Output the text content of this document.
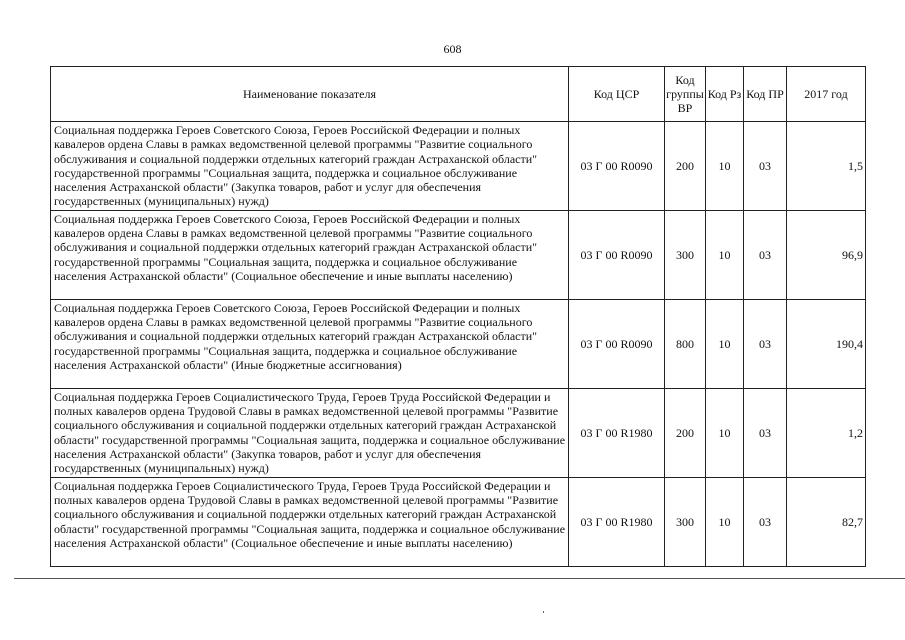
608
Наименование показателя	Код ЦСР	Код группы ВР	Код Рз	Код ПР	2017 год
Социальная поддержка Героев Советского Союза, Героев Российской Федерации и полных кавалеров ордена Славы в рамках ведомственной целевой программы "Развитие социального обслуживания и социальной поддержки отдельных категорий граждан Астраханской области" государственной программы "Социальная защита, поддержка и социальное обслуживание населения Астраханской области" (Закупка товаров, работ и услуг для обеспечения государственных (муниципальных) нужд)	03 Г 00 R0090	200	10	03	1,5
Социальная поддержка Героев Советского Союза, Героев Российской Федерации и полных кавалеров ордена Славы в рамках ведомственной целевой программы "Развитие социального обслуживания и социальной поддержки отдельных категорий граждан Астраханской области" государственной программы "Социальная защита, поддержка и социальное обслуживание населения Астраханской области" (Социальное обеспечение и иные выплаты населению)	03 Г 00 R0090	300	10	03	96,9
Социальная поддержка Героев Советского Союза, Героев Российской Федерации и полных кавалеров ордена Славы в рамках ведомственной целевой программы "Развитие социального обслуживания и социальной поддержки отдельных категорий граждан Астраханской области" государственной программы "Социальная защита, поддержка и социальное обслуживание населения Астраханской области" (Иные бюджетные ассигнования)	03 Г 00 R0090	800	10	03	190,4
Социальная поддержка Героев Социалистического Труда, Героев Труда Российской Федерации и полных кавалеров ордена Трудовой Славы в рамках ведомственной целевой программы "Развитие социального обслуживания и социальной поддержки отдельных категорий граждан Астраханской области" государственной программы "Социальная защита, поддержка и социальное обслуживание населения Астраханской области" (Закупка товаров, работ и услуг для обеспечения государственных (муниципальных) нужд)	03 Г 00 R1980	200	10	03	1,2
Социальная поддержка Героев Социалистического Труда, Героев Труда Российской Федерации и полных кавалеров ордена Трудовой Славы в рамках ведомственной целевой программы "Развитие социального обслуживания и социальной поддержки отдельных категорий граждан Астраханской области" государственной программы "Социальная защита, поддержка и социальное обслуживание населения Астраханской области" (Социальное обеспечение и иные выплаты населению)	03 Г 00 R1980	300	10	03	82,7
